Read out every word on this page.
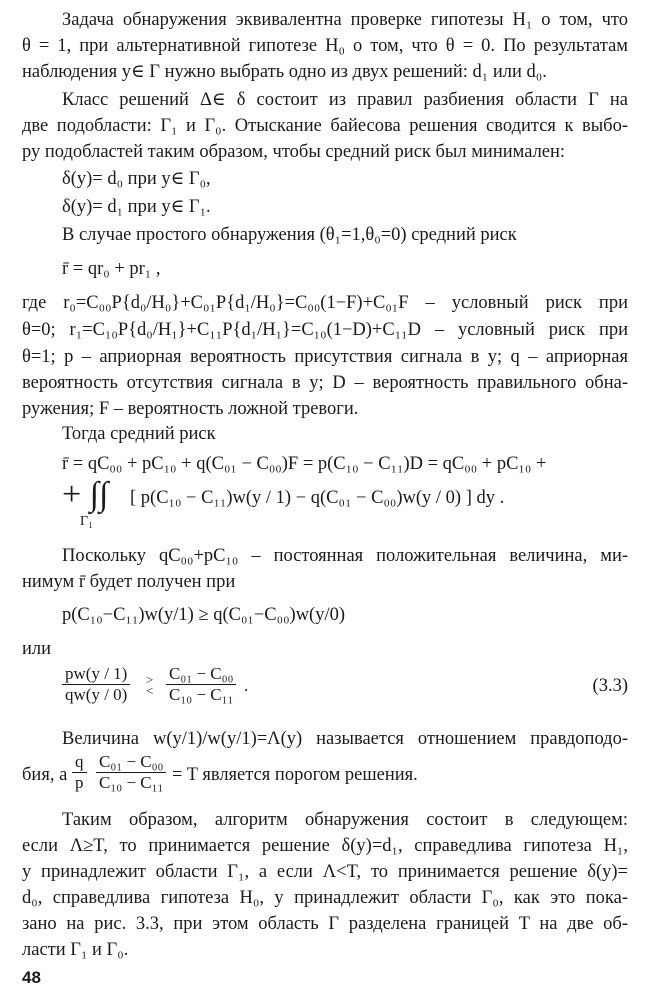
Задача обнаружения эквивалентна проверке гипотезы H₁ о том, что
θ = 1, при альтернативной гипотезе H₀ о том, что θ = 0. По результатам
наблюдения y∈ Γ нужно выбрать одно из двух решений: d₁ или d₀.
Класс решений Δ∈ δ состоит из правил разбиения области Γ на
две подобласти: Γ₁ и Γ₀. Отыскание байесова решения сводится к выбо-
ру подобластей таким образом, чтобы средний риск был минимален:
δ(y)= d₀ при y∈ Γ₀,
δ(y)= d₁ при y∈ Γ₁.
В случае простого обнаружения (θ₁=1,θ₀=0) средний риск
r̄ = qr₀ + pr₁ ,
где r₀=C₀₀P{d₀/H₀}+C₀₁P{d₁/H₀}=C₀₀(1−F)+C₀₁F – условный риск при
θ=0; r₁=C₁₀P{d₀/H₁}+C₁₁P{d₁/H₁}=C₁₀(1−D)+C₁₁D – условный риск при
θ=1; p – априорная вероятность присутствия сигнала в y; q – априорная
вероятность отсутствия сигнала в y; D – вероятность правильного обна-
ружения; F – вероятность ложной тревоги.
Тогда средний риск
r̄ = qC₀₀ + pC₁₀ + q(C₀₁ − C₀₀)F = p(C₁₀ − C₁₁)D = qC₀₀ + pC₁₀ +
+ ∫∫
Γ₁
[ p(C₁₀ − C₁₁)w(y / 1) − q(C₀₁ − C₀₀)w(y / 0) ] dy .
Поскольку qC₀₀+pC₁₀ – постоянная положительная величина, ми-
нимум r̄ будет получен при
p(C₁₀−C₁₁)w(y/1) ≥ q(C₀₁−C₀₀)w(y/0)
или
$\frac{pw(y / 1)}{qw(y / 0)}$ > < $\frac{\text{C₀₁ − C₀₀}}{\text{C₁₀ − C₁₁}}$ .	(3.3)
Величина w(y/1)/w(y/1)=Λ(y) называется отношением правдоподо-
бия, а $\frac{q}{p} \frac{\text{C₀₁ − C₀₀}}{\text{C₁₀ − C₁₁}} = T$ является порогом решения.
Таким образом, алгоритм обнаружения состоит в следующем:
если Λ≥T, то принимается решение δ(y)=d₁, справедлива гипотеза H₁,
y принадлежит области Γ₁, а если Λ<T, то принимается решение δ(y)=
d₀, справедлива гипотеза H₀, y принадлежит области Γ₀, как это пока-
зано на рис. 3.3, при этом область Γ разделена границей T на две об-
ласти Γ₁ и Γ₀.
48
